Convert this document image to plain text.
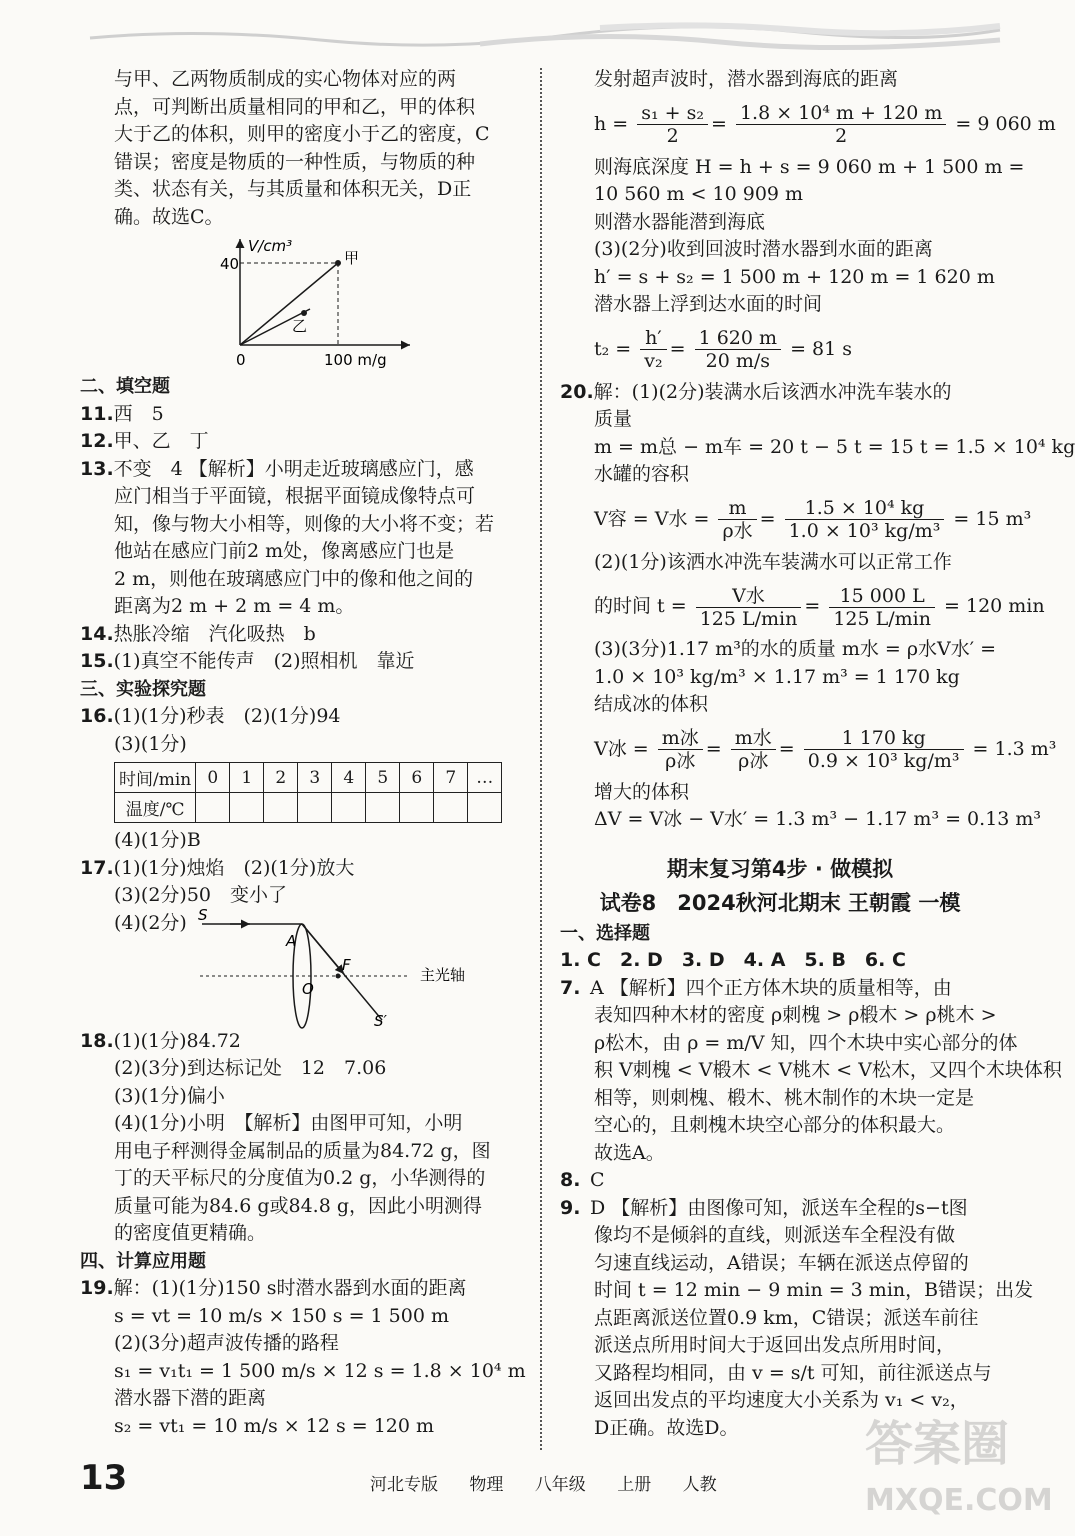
与甲、乙两物质制成的实心物体对应的两
点，可判断出质量相同的甲和乙，甲的体积
大于乙的体积，则甲的密度小于乙的密度，C
错误；密度是物质的一种性质，与物质的种
类、状态有关，与其质量和体积无关，D正
确。故选C。
V/cm³
40
0	100 m/g
甲
乙
二、填空题
11.西　5
12.甲、乙　丁
13.不变　4 【解析】小明走近玻璃感应门，感
应门相当于平面镜，根据平面镜成像特点可
知，像与物大小相等，则像的大小将不变；若
他站在感应门前2 m处，像离感应门也是
2 m，则他在玻璃感应门中的像和他之间的
距离为2 m + 2 m = 4 m。
14.热胀冷缩　汽化吸热　b
15.(1)真空不能传声　(2)照相机　靠近
三、实验探究题
16.(1)(1分)秒表　(2)(1分)94
(3)(1分)
时间/min	0	1	2	3	4	5	6	7	…
温度/℃									
(4)(1分)B
17.(1)(1分)烛焰　(2)(1分)放大
(3)(2分)50　变小了
(4)(2分) S
A
O
F
S′
主光轴
18.(1)(1分)84.72
(2)(3分)到达标记处　12　7.06
(3)(1分)偏小
(4)(1分)小明　【解析】由图甲可知，小明
用电子秤测得金属制品的质量为84.72 g，图
丁的天平标尺的分度值为0.2 g，小华测得的
质量可能为84.6 g或84.8 g，因此小明测得
的密度值更精确。
四、计算应用题
19.解：(1)(1分)150 s时潜水器到水面的距离
s = vt = 10 m/s × 150 s = 1 500 m
(2)(3分)超声波传播的路程
s₁ = v₁t₁ = 1 500 m/s × 12 s = 1.8 × 10⁴ m
潜水器下潜的距离
s₂ = vt₁ = 10 m/s × 12 s = 120 m
发射超声波时，潜水器到海底的距离
$h = \frac{\text{s₁ + s₂}}{2} = \frac{\text{1.8 × 10⁴ m + 120 m}}{2} = 9$ 060 m
则海底深度 H = h + s = 9 060 m + 1 500 m =
10 560 m < 10 909 m
则潜水器能潜到海底
(3)(2分)收到回波时潜水器到水面的距离
h′ = s + s₂ = 1 500 m + 120 m = 1 620 m
潜水器上浮到达水面的时间
$t_2 = \frac{h'}{\text{v₂}} = \frac{1 620 m}{20 m/s} = 81$ s
20.解：(1)(2分)装满水后该洒水冲洗车装水的
质量
m = m总 − m车 = 20 t − 5 t = 15 t = 1.5 × 10⁴ kg
水罐的容积
V容 = V水 = $\frac{m}{\text{ρ水}} = \frac{\text{1.5 × 10⁴ kg}}{\text{1.0 × 10³ kg/m³}} = 15$ m³
(2)(1分)该洒水冲洗车装满水可以正常工作
的时间 $t = \frac{\text{V水}}{125 L/\min} = \frac{15 000 L}{125 L/\min} = 120$ min
(3)(3分)1.17 m³的水的质量 m水 = ρ水V水′ =
1.0 × 10³ kg/m³ × 1.17 m³ = 1 170 kg
结成冰的体积
V冰 = $\frac{\text{m冰}}{\text{ρ冰}} = \frac{\text{m水}}{\text{ρ冰}} = \frac{1 170 kg}{\text{0.9 × 10³ kg/m³}} = 1.3$ m³
增大的体积
ΔV = V冰 − V水′ = 1.3 m³ − 1.17 m³ = 0.13 m³
期末复习第4步 · 做模拟
试卷8　2024秋河北期末 王朝霞 一模
一、选择题
1. C　2. D　3. D　4. A　5. B　6. C
7. A 【解析】四个正方体木块的质量相等，由
表知四种木材的密度 ρ刺槐 > ρ椴木 > ρ桃木 >
ρ松木，由 ρ = m/V 知，四个木块中实心部分的体
积 V刺槐 < V椴木 < V桃木 < V松木，又四个木块体积
相等，则刺槐、椴木、桃木制作的木块一定是
空心的，且刺槐木块空心部分的体积最大。
故选A。
8. C
9. D 【解析】由图像可知，派送车全程的s−t图
像均不是倾斜的直线，则派送车全程没有做
匀速直线运动，A错误；车辆在派送点停留的
时间 t = 12 min − 9 min = 3 min，B错误；出发
点距离派送位置0.9 km，C错误；派送车前往
派送点所用时间大于返回出发点所用时间，
又路程均相同，由 v = s/t 可知，前往派送点与
返回出发点的平均速度大小关系为 v₁ < v₂，
D正确。故选D。
13	河北专版 物理 八年级 上册 人教
答案圈
MXQE.COM
